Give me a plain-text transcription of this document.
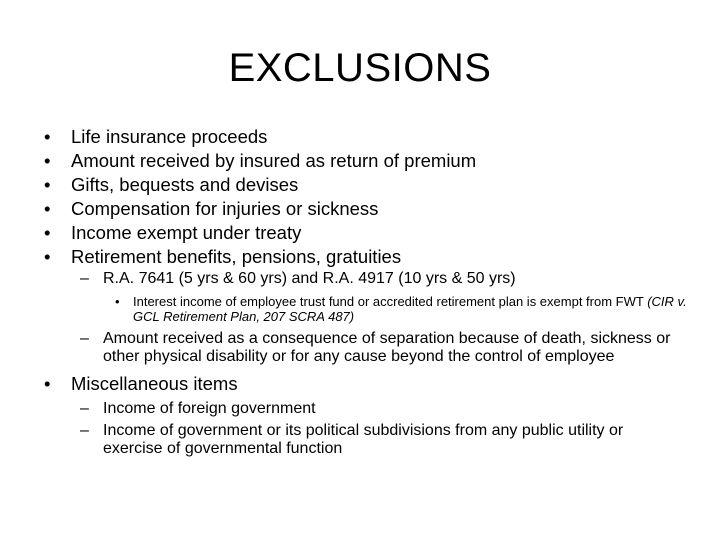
EXCLUSIONS
•	Life insurance proceeds
•	Amount received by insured as return of premium
•	Gifts, bequests and devises
•	Compensation for injuries or sickness
•	Income exempt under treaty
•	Retirement benefits, pensions, gratuities
– R.A. 7641 (5 yrs & 60 yrs) and R.A. 4917 (10 yrs & 50 yrs)
•	Interest income of employee trust fund or accredited retirement plan is exempt from FWT (CIR v. GCL Retirement Plan, 207 SCRA 487)
– Amount received as a consequence of separation because of death, sickness or other physical disability or for any cause beyond the control of employee
•	Miscellaneous items
– Income of foreign government
– Income of government or its political subdivisions from any public utility or exercise of governmental function
